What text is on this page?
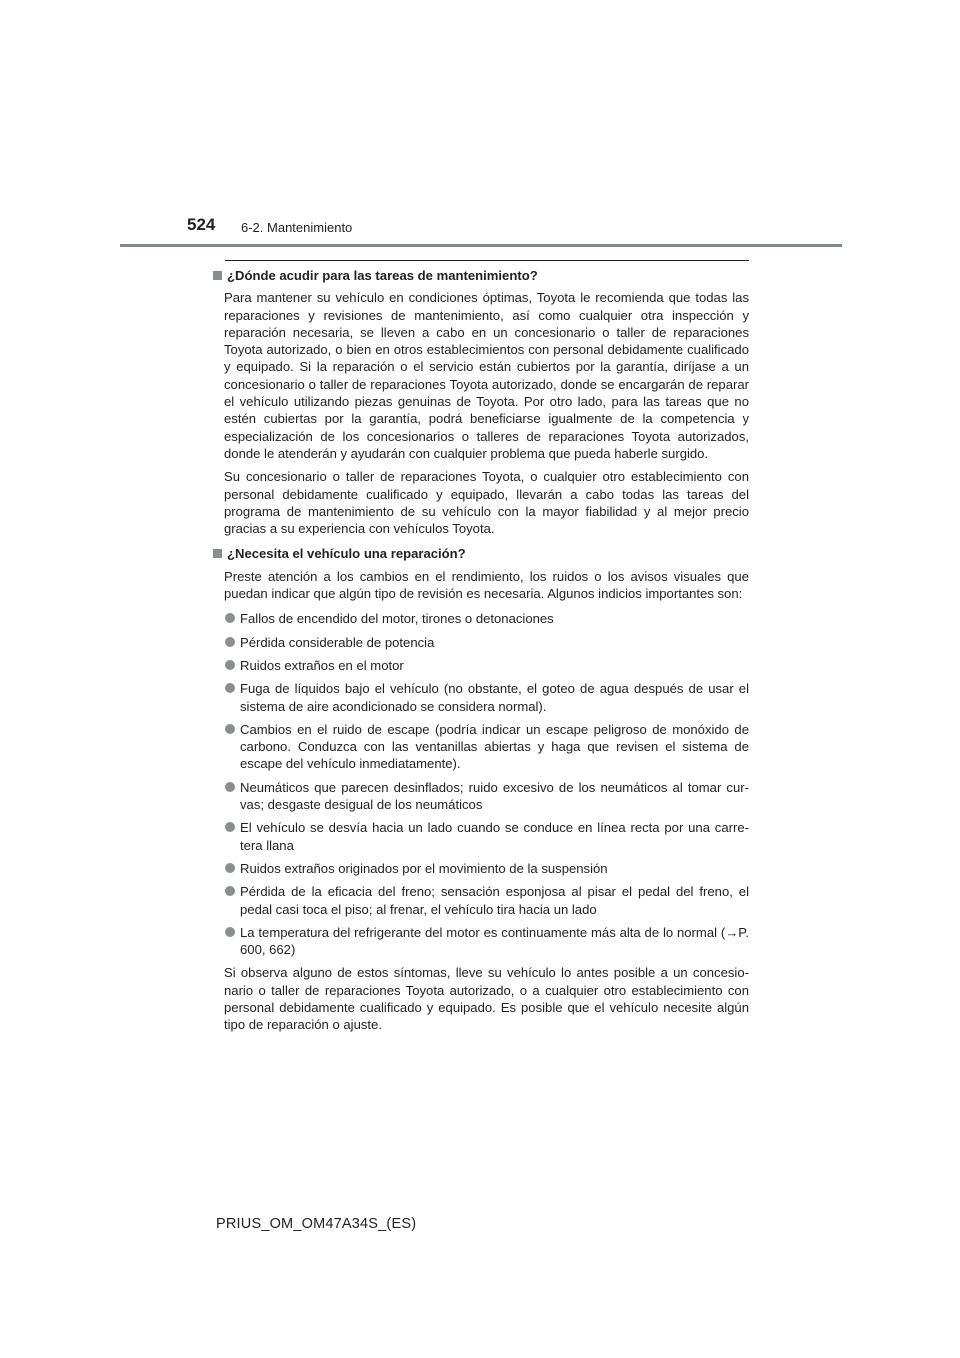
524 6-2. Mantenimiento
¿Dónde acudir para las tareas de mantenimiento?

Para mantener su vehículo en condiciones óptimas, Toyota le recomienda que todas las reparaciones y revisiones de mantenimiento, así como cualquier otra inspección y reparación necesaria, se lleven a cabo en un concesionario o taller de reparaciones Toyota autorizado, o bien en otros establecimientos con personal debidamente cualificado y equipado. Si la reparación o el servicio están cubiertos por la garantía, diríjase a un concesionario o taller de reparaciones Toyota autorizado, donde se encargarán de reparar el vehículo utilizando piezas genuinas de Toyota. Por otro lado, para las tareas que no estén cubiertas por la garantía, podrá beneficiarse igualmente de la competencia y especialización de los concesionarios o talleres de reparaciones Toyota autorizados, donde le atenderán y ayudarán con cualquier problema que pueda haberle surgido.

Su concesionario o taller de reparaciones Toyota, o cualquier otro establecimiento con personal debidamente cualificado y equipado, llevarán a cabo todas las tareas del programa de mantenimiento de su vehículo con la mayor fiabilidad y al mejor precio gracias a su experiencia con vehículos Toyota.

¿Necesita el vehículo una reparación?

Preste atención a los cambios en el rendimiento, los ruidos o los avisos visuales que puedan indicar que algún tipo de revisión es necesaria. Algunos indicios importantes son:

Fallos de encendido del motor, tirones o detonaciones
Pérdida considerable de potencia
Ruidos extraños en el motor
Fuga de líquidos bajo el vehículo (no obstante, el goteo de agua después de usar el sistema de aire acondicionado se considera normal).
Cambios en el ruido de escape (podría indicar un escape peligroso de monóxido de carbono. Conduzca con las ventanillas abiertas y haga que revisen el sistema de escape del vehículo inmediatamente).
Neumáticos que parecen desinflados; ruido excesivo de los neumáticos al tomar curvas; desgaste desigual de los neumáticos
El vehículo se desvía hacia un lado cuando se conduce en línea recta por una carretera llana
Ruidos extraños originados por el movimiento de la suspensión
Pérdida de la eficacia del freno; sensación esponjosa al pisar el pedal del freno, el pedal casi toca el piso; al frenar, el vehículo tira hacia un lado
La temperatura del refrigerante del motor es continuamente más alta de lo normal (→P. 600, 662)

Si observa alguno de estos síntomas, lleve su vehículo lo antes posible a un concesionario o taller de reparaciones Toyota autorizado, o a cualquier otro establecimiento con personal debidamente cualificado y equipado. Es posible que el vehículo necesite algún tipo de reparación o ajuste.

PRIUS_OM_OM47A34S_(ES)
